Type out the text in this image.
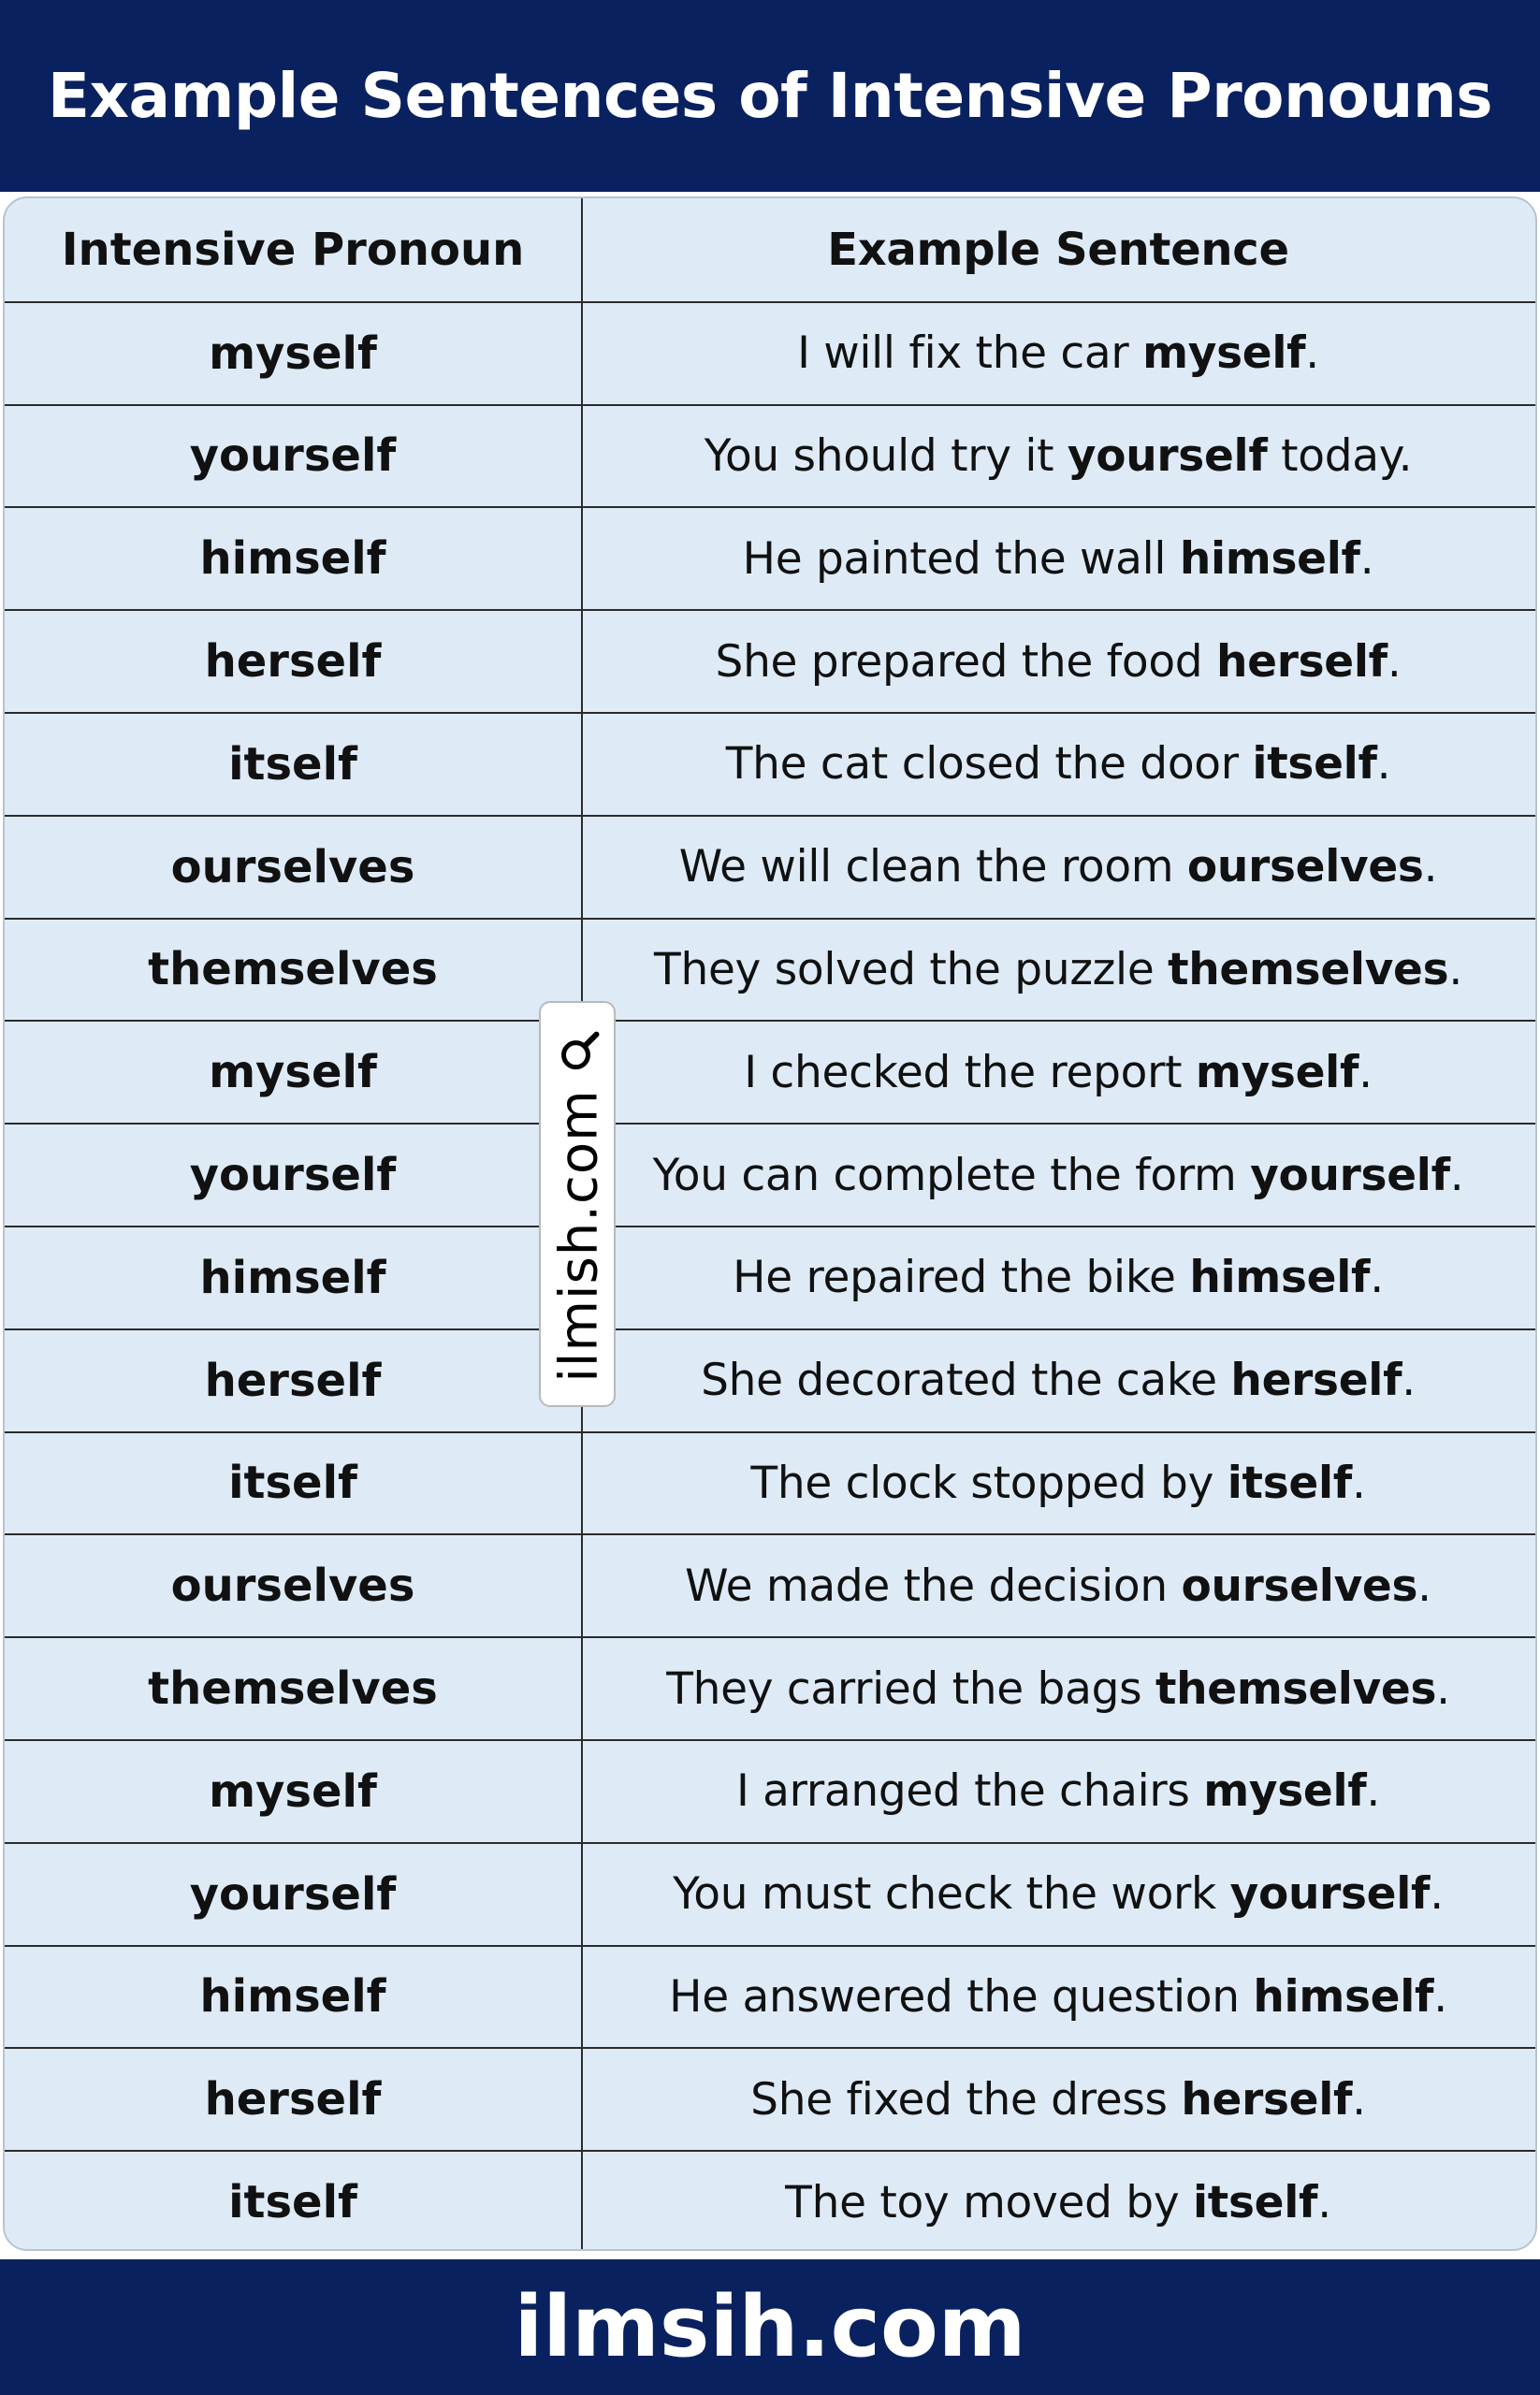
Example Sentences of Intensive Pronouns
Intensive Pronoun	Example Sentence
myself	I will fix the car myself .
yourself	You should try it yourself today.
himself	He painted the wall himself .
herself	She prepared the food herself .
itself	The cat closed the door itself .
ourselves	We will clean the room ourselves .
themselves	They solved the puzzle themselves .
myself	I checked the report myself .
yourself	You can complete the form yourself .
himself	He repaired the bike himself .
herself	She decorated the cake herself .
itself	The clock stopped by itself .
ourselves	We made the decision ourselves .
themselves	They carried the bags themselves .
myself	I arranged the chairs myself .
yourself	You must check the work yourself .
himself	He answered the question himself .
herself	She fixed the dress herself .
itself	The toy moved by itself .
ilmish.com
ilmsih.com
